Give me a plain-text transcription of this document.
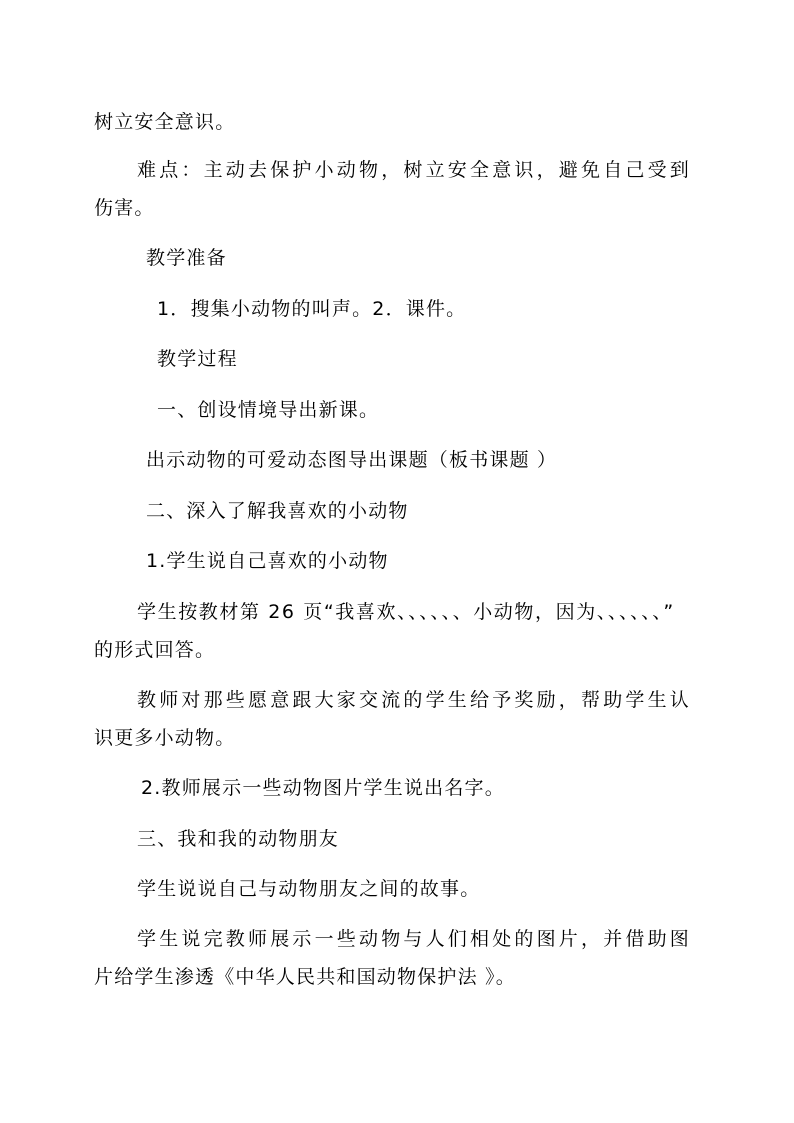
树立安全意识。
难点：主动去保护小动物，树立安全意识，避免自己受到
伤害。
教学准备
1．搜集小动物的叫声。2．课件。
教学过程
一、创设情境导出新课。
出示动物的可爱动态图导出课题（板书课题 ）
二、深入了解我喜欢的小动物
1.学生说自己喜欢的小动物
学生按教材第 26 页“我喜欢、、、、、、小动物，因为、、、、、、”
的形式回答。
教师对那些愿意跟大家交流的学生给予奖励，帮助学生认
识更多小动物。
2.教师展示一些动物图片学生说出名字。
三、我和我的动物朋友
学生说说自己与动物朋友之间的故事。
学生说完教师展示一些动物与人们相处的图片，并借助图
片给学生渗透《中华人民共和国动物保护法 》。
